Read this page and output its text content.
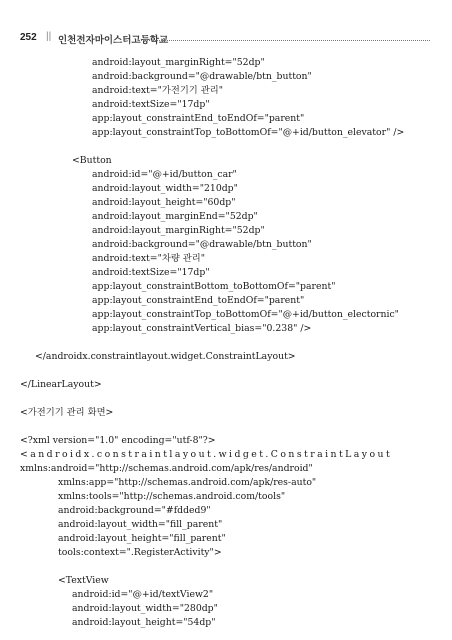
252 || 인천전자마이스터고등학교
android:layout_marginRight="52dp"
android:background="@drawable/btn_button"
android:text="가전기기 관리"
android:textSize="17dp"
app:layout_constraintEnd_toEndOf="parent"
app:layout_constraintTop_toBottomOf="@+id/button_elevator" />
<Button
android:id="@+id/button_car"
android:layout_width="210dp"
android:layout_height="60dp"
android:layout_marginEnd="52dp"
android:layout_marginRight="52dp"
android:background="@drawable/btn_button"
android:text="차량 관리"
android:textSize="17dp"
app:layout_constraintBottom_toBottomOf="parent"
app:layout_constraintEnd_toEndOf="parent"
app:layout_constraintTop_toBottomOf="@+id/button_electornic"
app:layout_constraintVertical_bias="0.238" />
</androidx.constraintlayout.widget.ConstraintLayout>
</LinearLayout>
<가전기기 관리 화면>
<?xml version="1.0" encoding="utf-8"?>
<androidx.constraintlayout.widget.ConstraintLayout
xmlns:android="http://schemas.android.com/apk/res/android"
xmlns:app="http://schemas.android.com/apk/res-auto"
xmlns:tools="http://schemas.android.com/tools"
android:background="#fdded9"
android:layout_width="fill_parent"
android:layout_height="fill_parent"
tools:context=".RegisterActivity">
<TextView
android:id="@+id/textView2"
android:layout_width="280dp"
android:layout_height="54dp"
